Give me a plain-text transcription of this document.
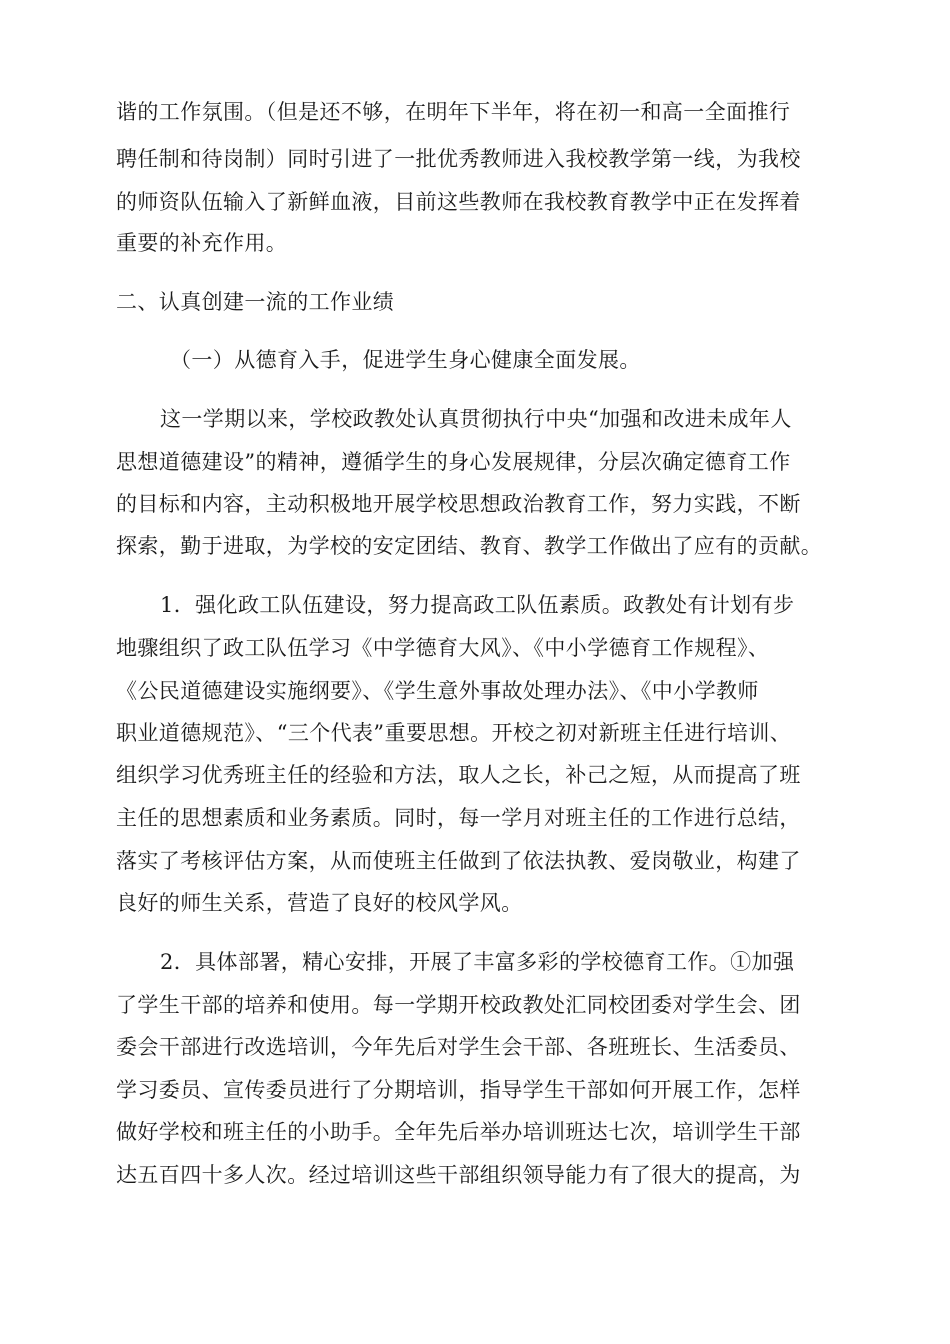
谐的工作氛围。（但是还不够，在明年下半年，将在初一和高一全面推行
聘任制和待岗制）同时引进了一批优秀教师进入我校教学第一线，为我校
的师资队伍输入了新鲜血液，目前这些教师在我校教育教学中正在发挥着
重要的补充作用。
二、认真创建一流的工作业绩
（一）从德育入手，促进学生身心健康全面发展。
这一学期以来，学校政教处认真贯彻执行中央“加强和改进未成年人
思想道德建设”的精神，遵循学生的身心发展规律，分层次确定德育工作
的目标和内容，主动积极地开展学校思想政治教育工作，努力实践，不断
探索，勤于进取，为学校的安定团结、教育、教学工作做出了应有的贡献。
1．强化政工队伍建设，努力提高政工队伍素质。政教处有计划有步
地骤组织了政工队伍学习《中学德育大风》、《中小学德育工作规程》、
《公民道德建设实施纲要》、《学生意外事故处理办法》、《中小学教师
职业道德规范》、“三个代表”重要思想。开校之初对新班主任进行培训、
组织学习优秀班主任的经验和方法，取人之长，补己之短，从而提高了班
主任的思想素质和业务素质。同时，每一学月对班主任的工作进行总结，
落实了考核评估方案，从而使班主任做到了依法执教、爱岗敬业，构建了
良好的师生关系，营造了良好的校风学风。
2．具体部署，精心安排，开展了丰富多彩的学校德育工作。①加强
了学生干部的培养和使用。每一学期开校政教处汇同校团委对学生会、团
委会干部进行改选培训，今年先后对学生会干部、各班班长、生活委员、
学习委员、宣传委员进行了分期培训，指导学生干部如何开展工作，怎样
做好学校和班主任的小助手。全年先后举办培训班达七次，培训学生干部
达五百四十多人次。经过培训这些干部组织领导能力有了很大的提高，为
